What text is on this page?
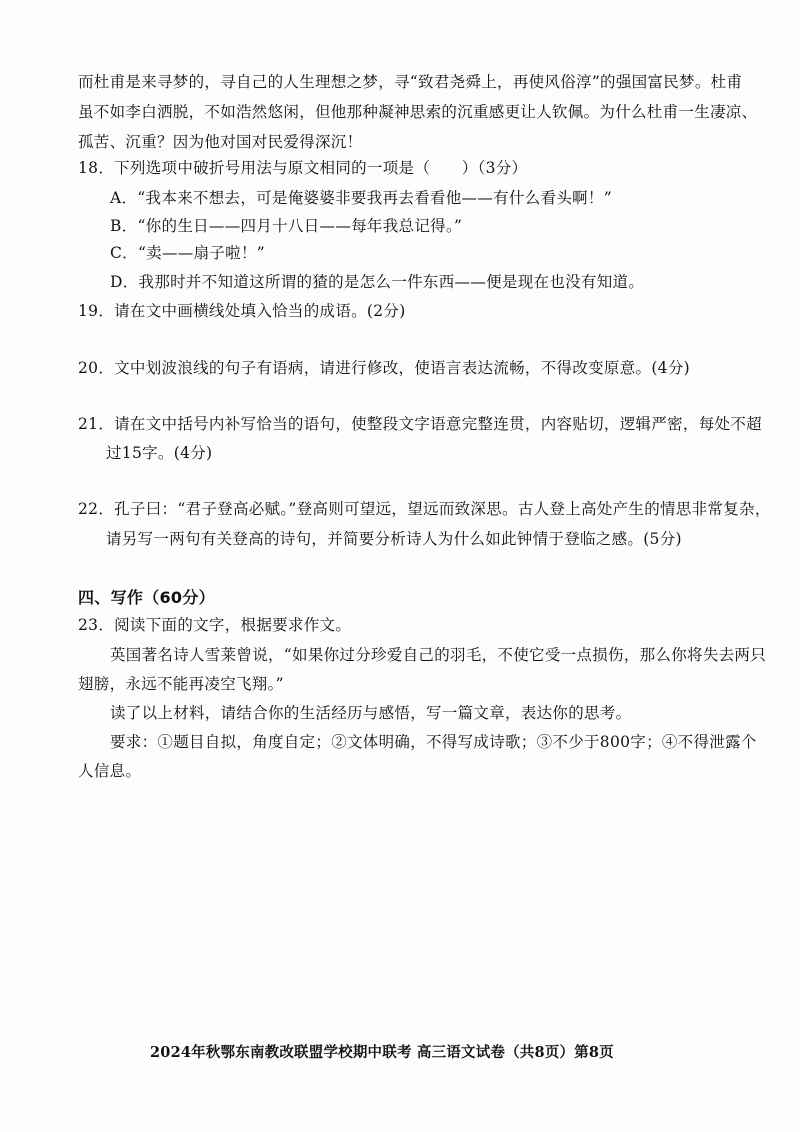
而杜甫是来寻梦的，寻自己的人生理想之梦，寻“致君尧舜上，再使风俗淳”的强国富民梦。杜甫
虽不如李白洒脱，不如浩然悠闲，但他那种凝神思索的沉重感更让人钦佩。为什么杜甫一生凄凉、
孤苦、沉重？因为他对国对民爱得深沉！
18．下列选项中破折号用法与原文相同的一项是（　　）（3分）
A．“我本来不想去，可是俺婆婆非要我再去看看他——有什么看头啊！”
B．“你的生日——四月十八日——每年我总记得。”
C．“卖——扇子啦！”
D．我那时并不知道这所谓的猹的是怎么一件东西——便是现在也没有知道。
19．请在文中画横线处填入恰当的成语。(2分)
20．文中划波浪线的句子有语病，请进行修改，使语言表达流畅，不得改变原意。(4分)
21．请在文中括号内补写恰当的语句，使整段文字语意完整连贯，内容贴切，逻辑严密，每处不超
过15字。(4分)
22．孔子曰：“君子登高必赋。”登高则可望远，望远而致深思。古人登上高处产生的情思非常复杂，
请另写一两句有关登高的诗句，并简要分析诗人为什么如此钟情于登临之感。(5分)
四、写作（60分）
23．阅读下面的文字，根据要求作文。
英国著名诗人雪莱曾说，“如果你过分珍爱自己的羽毛，不使它受一点损伤，那么你将失去两只
翅膀，永远不能再凌空飞翔。”
读了以上材料，请结合你的生活经历与感悟，写一篇文章，表达你的思考。
要求：①题目自拟，角度自定；②文体明确，不得写成诗歌；③不少于800字；④不得泄露个
人信息。
2024年秋鄂东南教改联盟学校期中联考 高三语文试卷（共8页）第8页
